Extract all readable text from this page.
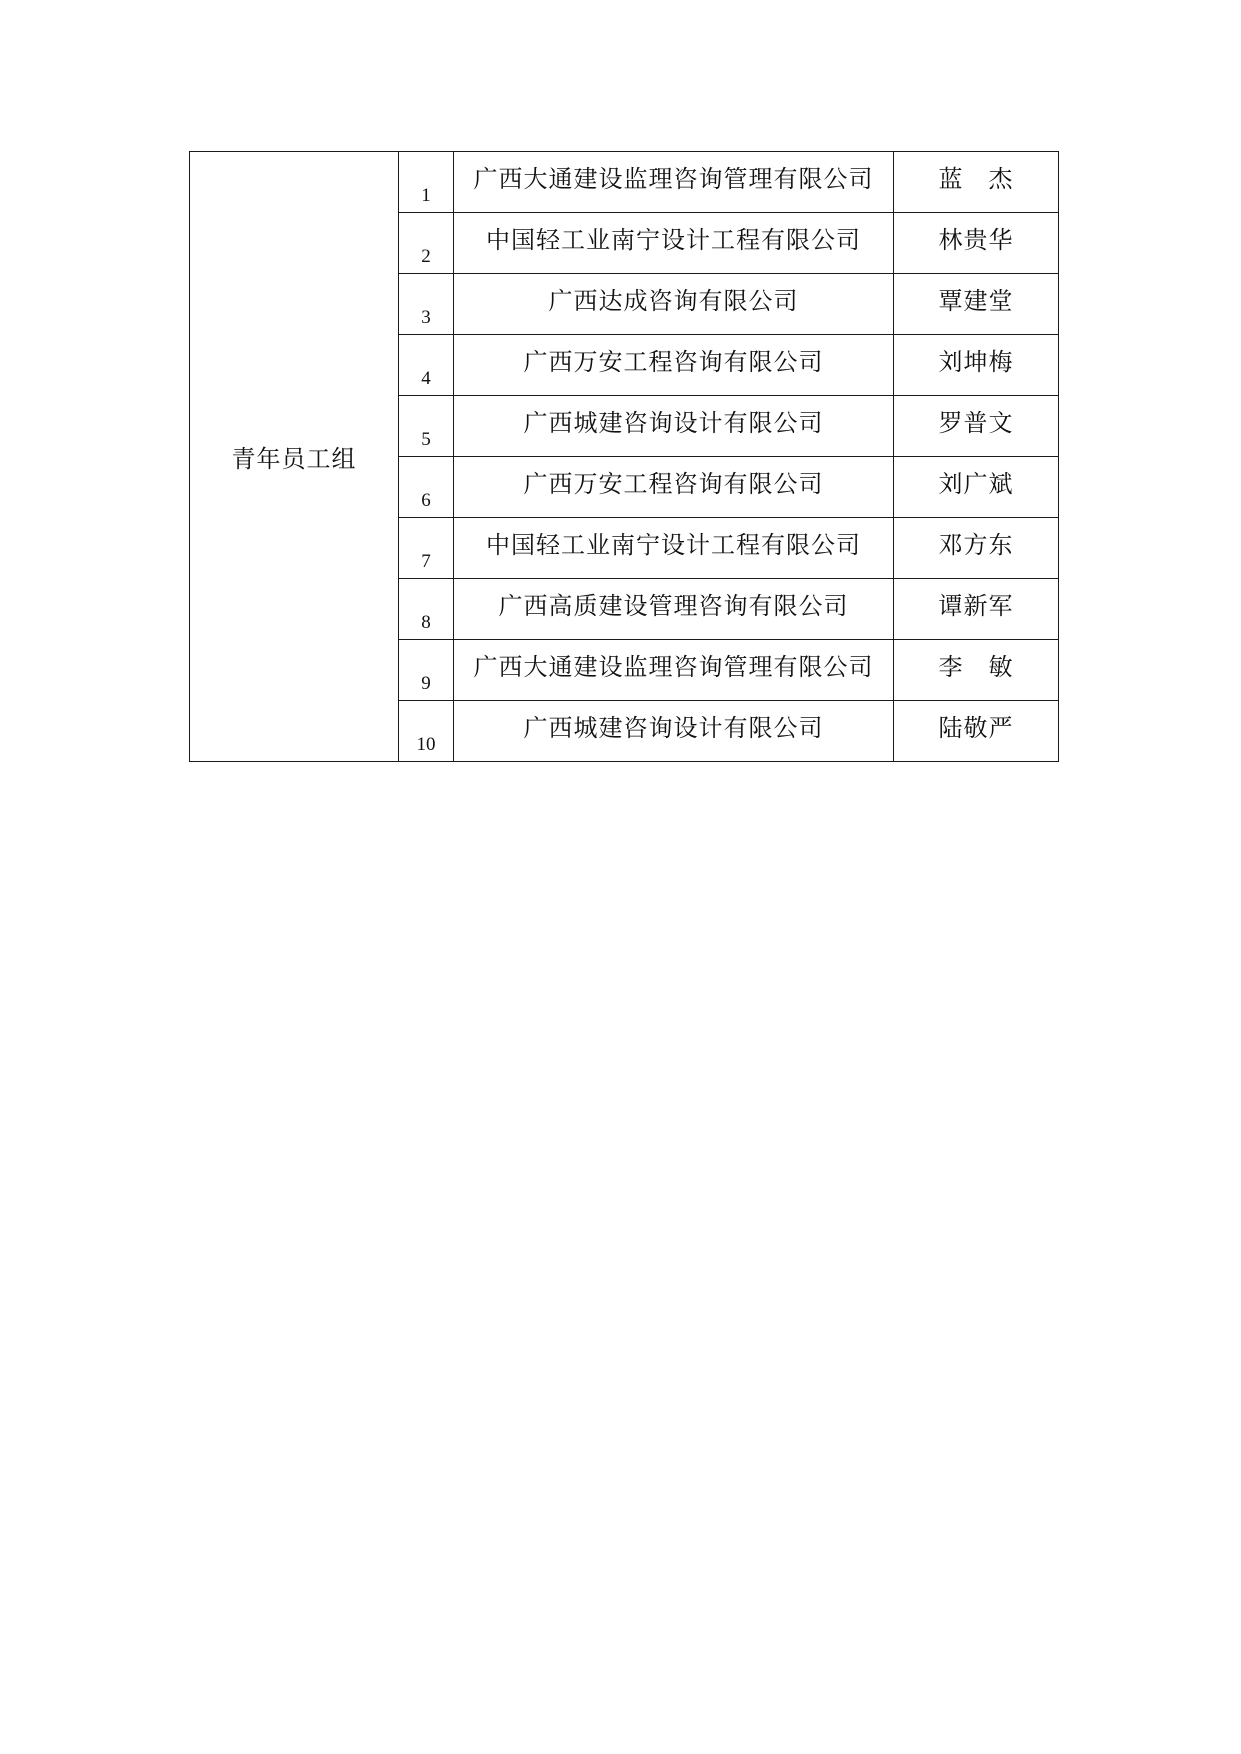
青年员工组	1	广西大通建设监理咨询管理有限公司	蓝　杰
	2	中国轻工业南宁设计工程有限公司	林贵华
	3	广西达成咨询有限公司	覃建堂
	4	广西万安工程咨询有限公司	刘坤梅
	5	广西城建咨询设计有限公司	罗普文
	6	广西万安工程咨询有限公司	刘广斌
	7	中国轻工业南宁设计工程有限公司	邓方东
	8	广西高质建设管理咨询有限公司	谭新军
	9	广西大通建设监理咨询管理有限公司	李　敏
	10	广西城建咨询设计有限公司	陆敬严
